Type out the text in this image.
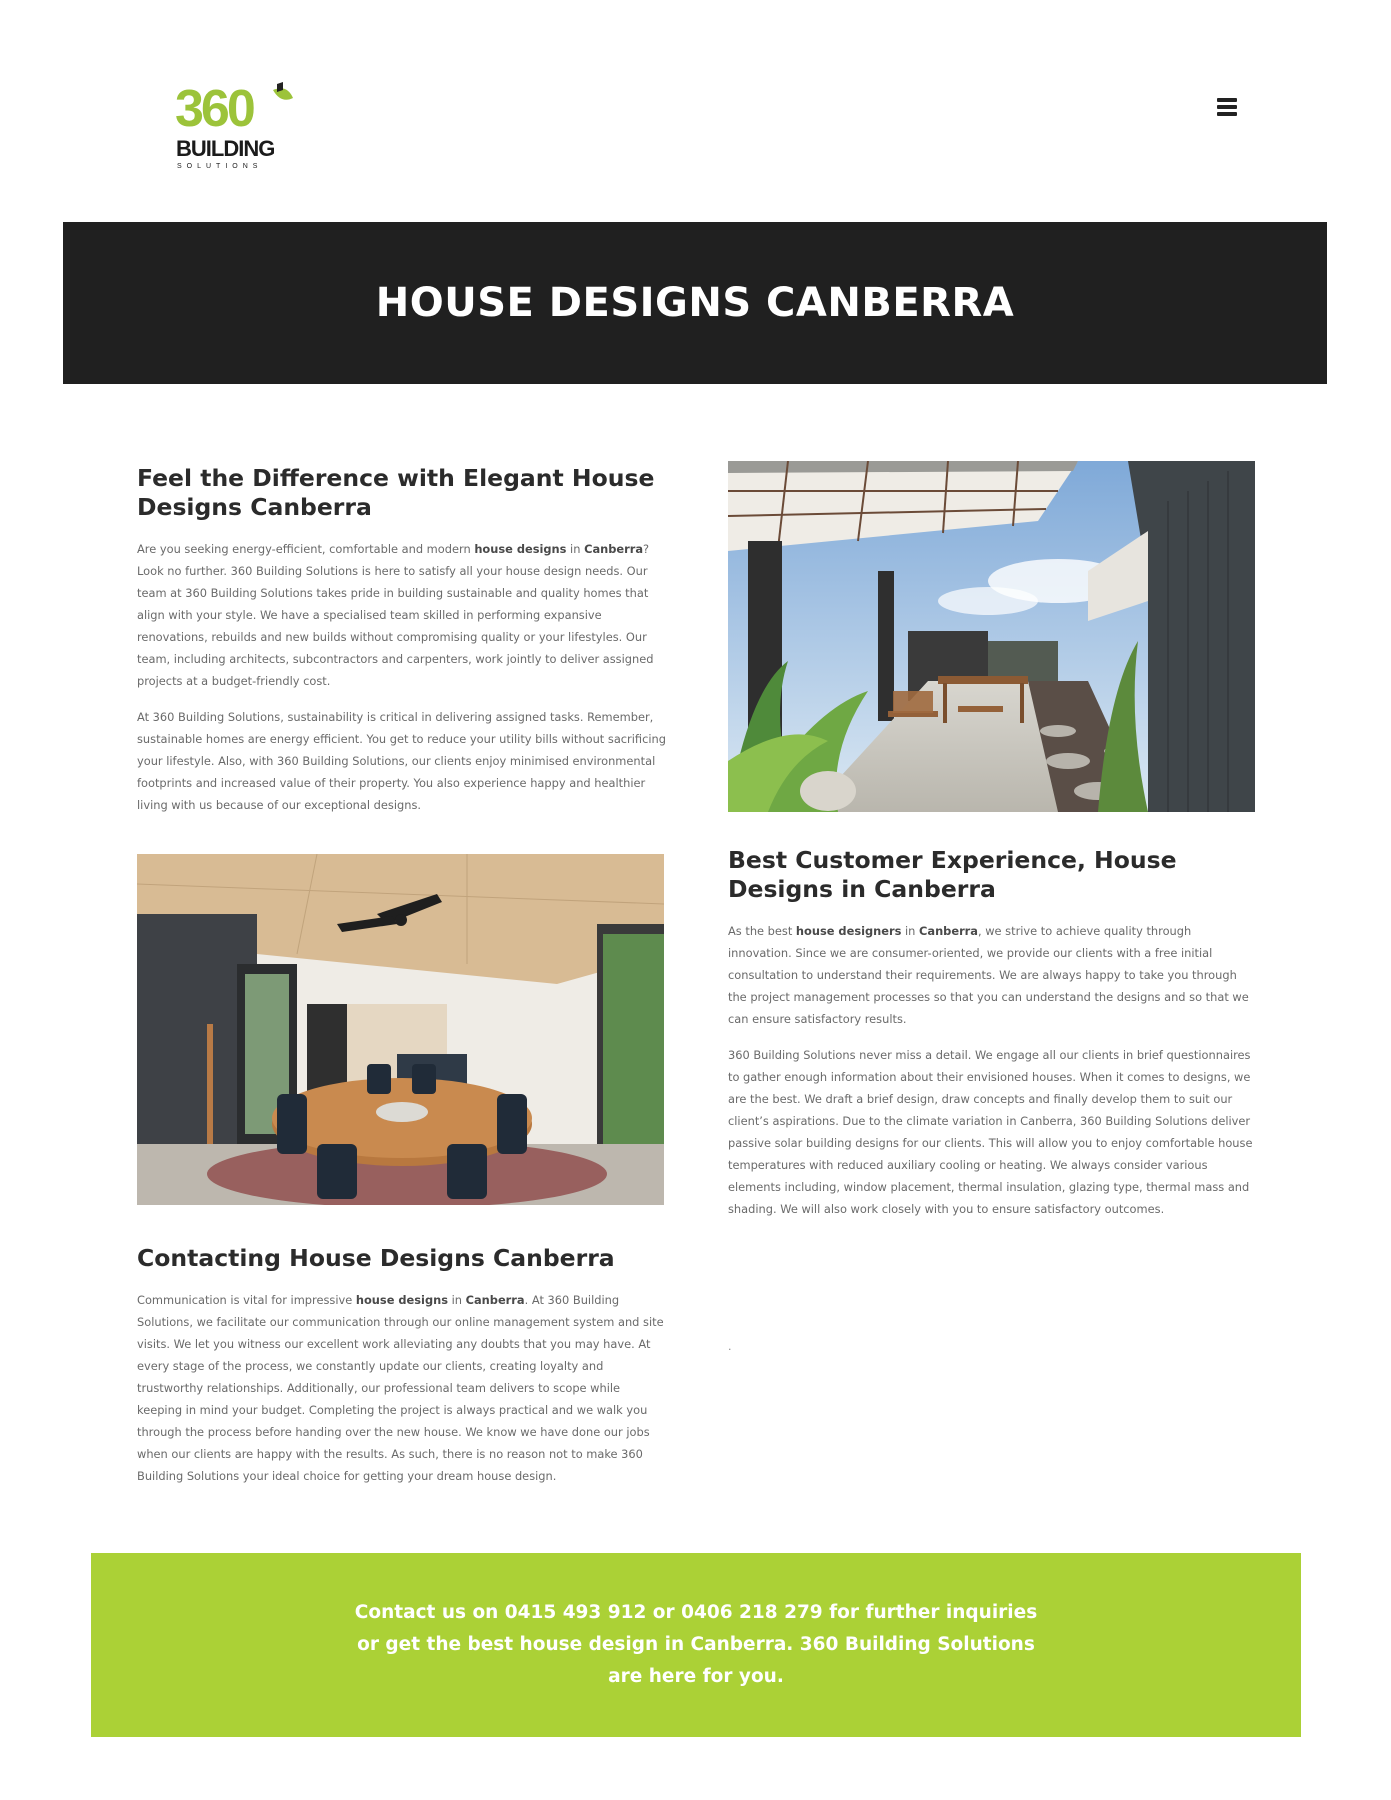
360
BUILDING
SOLUTIONS
HOUSE DESIGNS CANBERRA
Feel the Difference with Elegant House Designs Canberra

Are you seeking energy-efficient, comfortable and modern house designs in Canberra? Look no further. 360 Building Solutions is here to satisfy all your house design needs. Our team at 360 Building Solutions takes pride in building sustainable and quality homes that align with your style. We have a specialised team skilled in performing expansive renovations, rebuilds and new builds without compromising quality or your lifestyles. Our team, including architects, subcontractors and carpenters, work jointly to deliver assigned projects at a budget-friendly cost.

At 360 Building Solutions, sustainability is critical in delivering assigned tasks. Remember, sustainable homes are energy efficient. You get to reduce your utility bills without sacrificing your lifestyle. Also, with 360 Building Solutions, our clients enjoy minimised environmental footprints and increased value of their property. You also experience happy and healthier living with us because of our exceptional designs.

Best Customer Experience, House Designs in Canberra

As the best house designers in Canberra, we strive to achieve quality through innovation. Since we are consumer-oriented, we provide our clients with a free initial consultation to understand their requirements. We are always happy to take you through the project management processes so that you can understand the designs and so that we can ensure satisfactory results.

360 Building Solutions never miss a detail. We engage all our clients in brief questionnaires to gather enough information about their envisioned houses. When it comes to designs, we are the best. We draft a brief design, draw concepts and finally develop them to suit our client’s aspirations. Due to the climate variation in Canberra, 360 Building Solutions deliver passive solar building designs for our clients. This will allow you to enjoy comfortable house temperatures with reduced auxiliary cooling or heating. We always consider various elements including, window placement, thermal insulation, glazing type, thermal mass and shading. We will also work closely with you to ensure satisfactory outcomes.

Contacting House Designs Canberra

Communication is vital for impressive house designs in Canberra. At 360 Building Solutions, we facilitate our communication through our online management system and site visits. We let you witness our excellent work alleviating any doubts that you may have. At every stage of the process, we constantly update our clients, creating loyalty and trustworthy relationships. Additionally, our professional team delivers to scope while keeping in mind your budget. Completing the project is always practical and we walk you through the process before handing over the new house. We know we have done our jobs when our clients are happy with the results. As such, there is no reason not to make 360 Building Solutions your ideal choice for getting your dream house design.

.

Contact us on 0415 493 912 or 0406 218 279 for further inquiries or get the best house design in Canberra. 360 Building Solutions are here for you.
